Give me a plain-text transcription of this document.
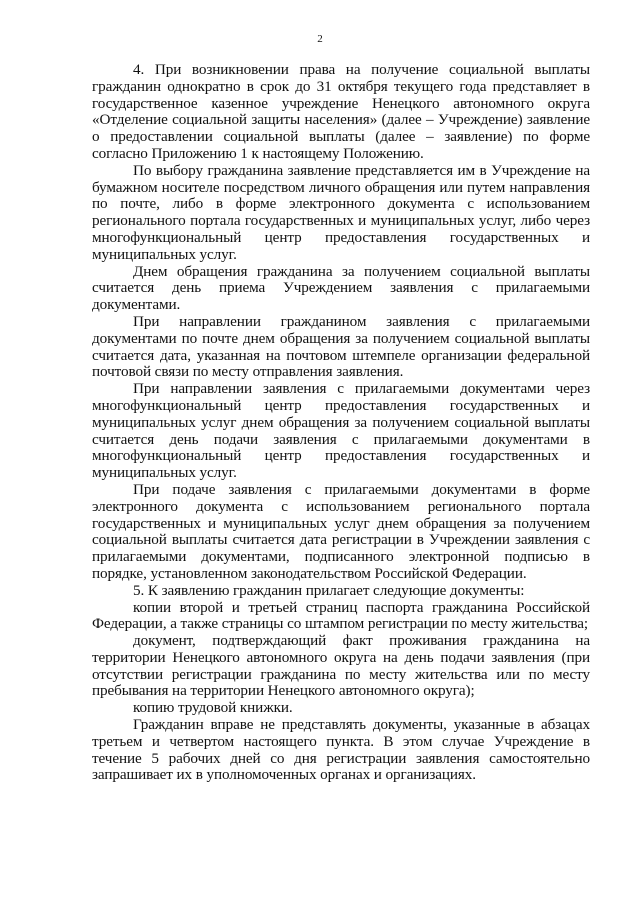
2

4. При возникновении права на получение социальной выплаты гражданин однократно в срок до 31 октября текущего года представляет в государственное казенное учреждение Ненецкого автономного округа «Отделение социальной защиты населения» (далее – Учреждение) заявление о предоставлении социальной выплаты (далее – заявление) по форме согласно Приложению 1 к настоящему Положению.

По выбору гражданина заявление представляется им в Учреждение на бумажном носителе посредством личного обращения или путем направления по почте, либо в форме электронного документа с использованием регионального портала государственных и муниципальных услуг, либо через многофункциональный центр предоставления государственных и муниципальных услуг.

Днем обращения гражданина за получением социальной выплаты считается день приема Учреждением заявления с прилагаемыми документами.

При направлении гражданином заявления с прилагаемыми документами по почте днем обращения за получением социальной выплаты считается дата, указанная на почтовом штемпеле организации федеральной почтовой связи по месту отправления заявления.

При направлении заявления с прилагаемыми документами через многофункциональный центр предоставления государственных и муниципальных услуг днем обращения за получением социальной выплаты считается день подачи заявления с прилагаемыми документами в многофункциональный центр предоставления государственных и муниципальных услуг.

При подаче заявления с прилагаемыми документами в форме электронного документа с использованием регионального портала государственных и муниципальных услуг днем обращения за получением социальной выплаты считается дата регистрации в Учреждении заявления с прилагаемыми документами, подписанного электронной подписью в порядке, установленном законодательством Российской Федерации.

5. К заявлению гражданин прилагает следующие документы:

копии второй и третьей страниц паспорта гражданина Российской Федерации, а также страницы со штампом регистрации по месту жительства;

документ, подтверждающий факт проживания гражданина на территории Ненецкого автономного округа на день подачи заявления (при отсутствии регистрации гражданина по месту жительства или по месту пребывания на территории Ненецкого автономного округа);

копию трудовой книжки.

Гражданин вправе не представлять документы, указанные в абзацах третьем и четвертом настоящего пункта. В этом случае Учреждение в течение 5 рабочих дней со дня регистрации заявления самостоятельно запрашивает их в уполномоченных органах и организациях.
